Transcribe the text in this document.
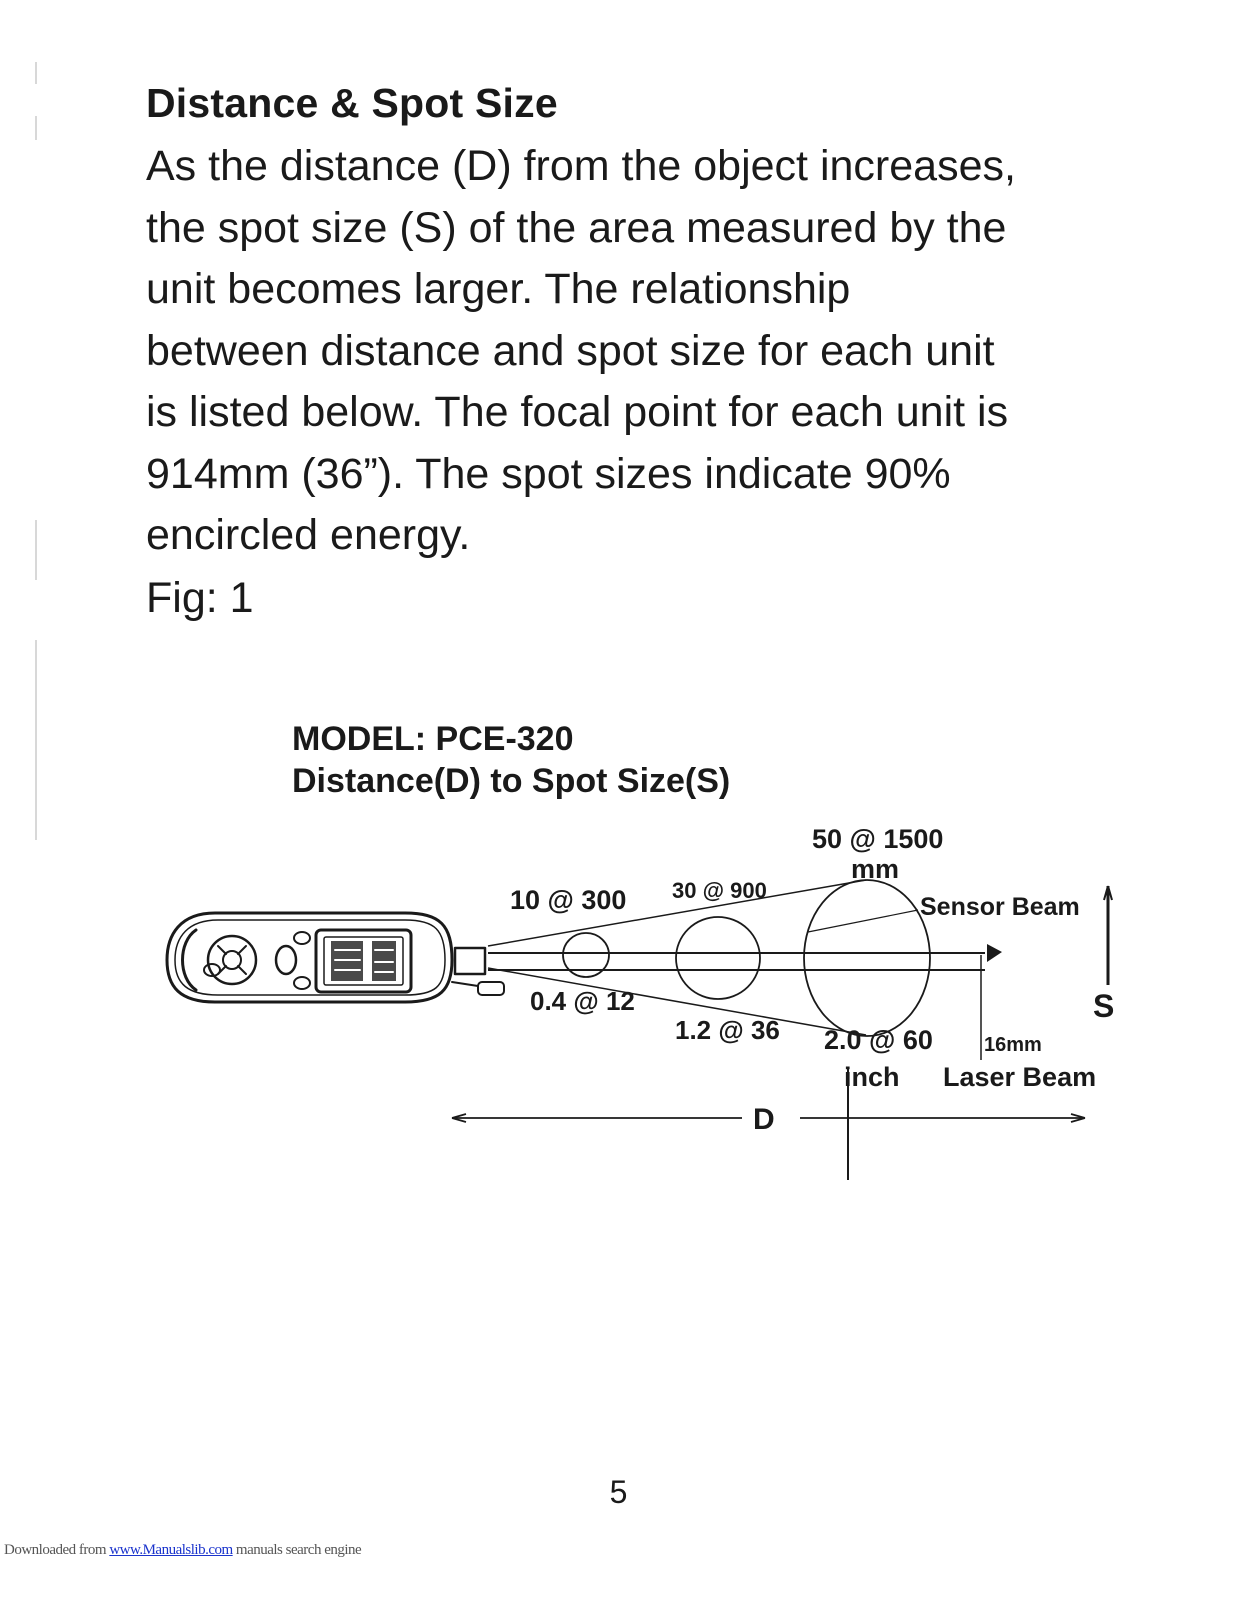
Distance & Spot Size
As the distance (D) from the object increases,
the spot size (S) of the area measured by the
unit becomes larger. The relationship
between distance and spot size for each unit
is listed below. The focal point for each unit is
914mm (36”). The spot sizes indicate 90%
encircled energy.
Fig: 1
MODEL: PCE-320
Distance(D) to Spot Size(S)
50 @ 1500
mm
10 @ 300 30 @ 900
Sensor Beam
0.4 @ 12	S
1.2 @ 36 2.0 @ 60	16mm
inch Laser Beam
D
5
Downloaded from www.Manualslib.com manuals search engine
